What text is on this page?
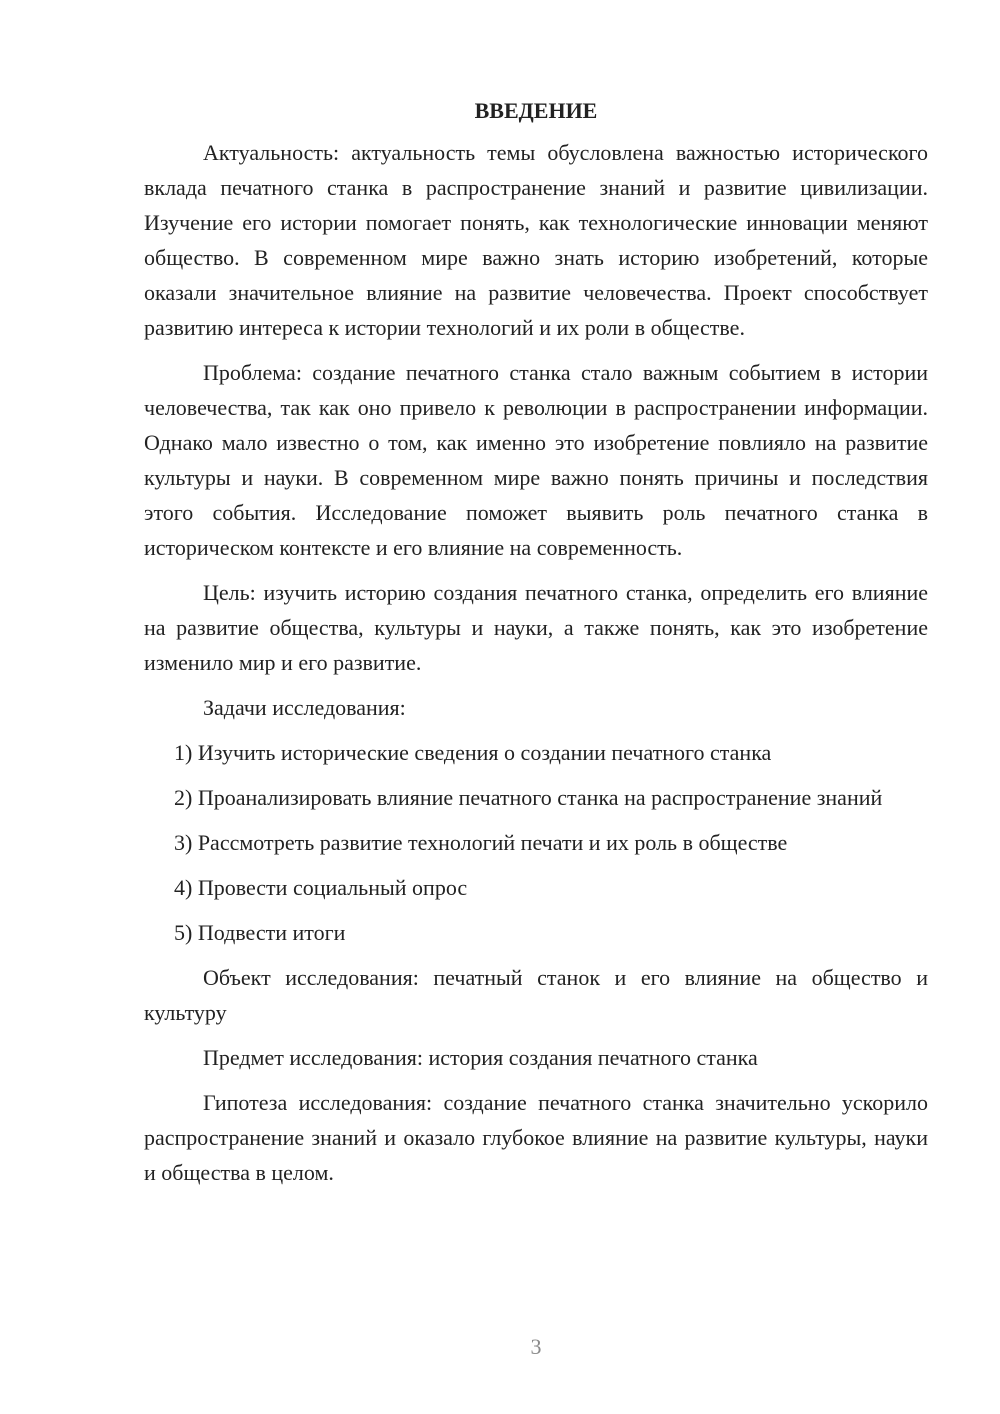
ВВЕДЕНИЕ

Актуальность: актуальность темы обусловлена важностью исторического вклада печатного станка в распространение знаний и развитие цивилизации. Изучение его истории помогает понять, как технологические инновации меняют общество. В современном мире важно знать историю изобретений, которые оказали значительное влияние на развитие человечества. Проект способствует развитию интереса к истории технологий и их роли в обществе.

Проблема: создание печатного станка стало важным событием в истории человечества, так как оно привело к революции в распространении информации. Однако мало известно о том, как именно это изобретение повлияло на развитие культуры и науки. В современном мире важно понять причины и последствия этого события. Исследование поможет выявить роль печатного станка в историческом контексте и его влияние на современность.

Цель: изучить историю создания печатного станка, определить его влияние на развитие общества, культуры и науки, а также понять, как это изобретение изменило мир и его развитие.

Задачи исследования:

1) Изучить исторические сведения о создании печатного станка

2) Проанализировать влияние печатного станка на распространение знаний

3) Рассмотреть развитие технологий печати и их роль в обществе

4) Провести социальный опрос

5) Подвести итоги

Объект исследования: печатный станок и его влияние на общество и культуру

Предмет исследования: история создания печатного станка

Гипотеза исследования: создание печатного станка значительно ускорило распространение знаний и оказало глубокое влияние на развитие культуры, науки и общества в целом.

3
